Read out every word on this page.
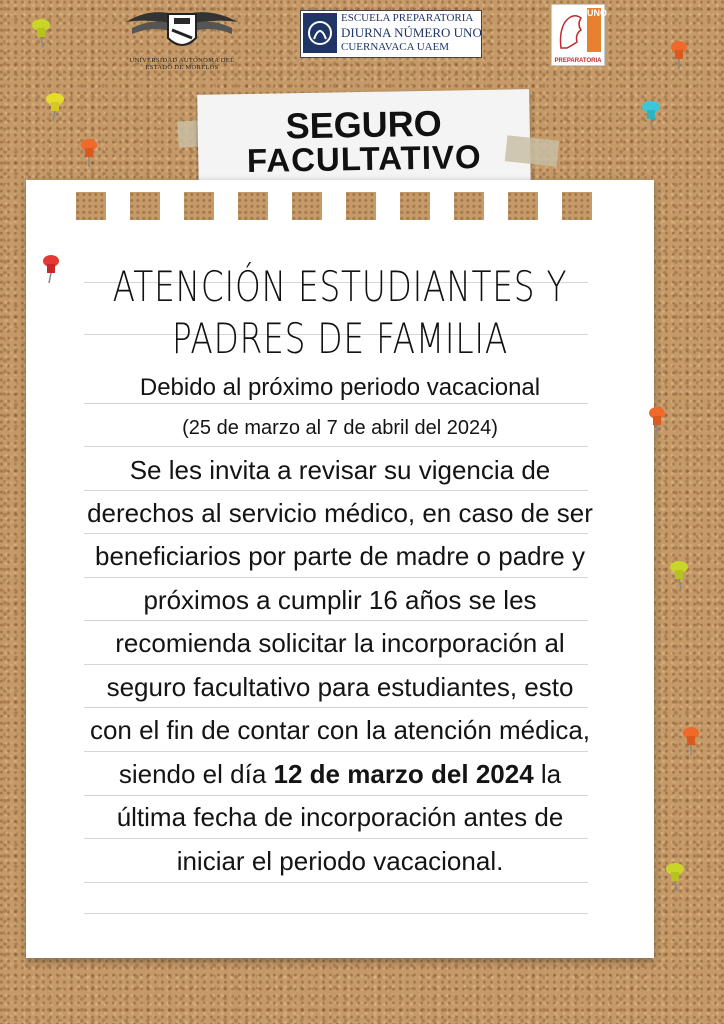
UNIVERSIDAD AUTÓNOMA DEL
ESTADO DE MORELOS
ESCUELA PREPARATORIA
DIURNA NÚMERO UNO
CUERNAVACA UAEM
UNO
PREPARATORIA
SEGURO
FACULTATIVO
ATENCIÓN ESTUDIANTES Y
PADRES DE FAMILIA
Debido al próximo periodo vacacional
(25 de marzo al 7 de abril del 2024)
Se les invita a revisar su vigencia de
derechos al servicio médico, en caso de ser
beneficiarios por parte de madre o padre y
próximos a cumplir 16 años se les
recomienda solicitar la incorporación al
seguro facultativo para estudiantes, esto
con el fin de contar con la atención médica,
siendo el día 12 de marzo del 2024 la
última fecha de incorporación antes de
iniciar el periodo vacacional.
